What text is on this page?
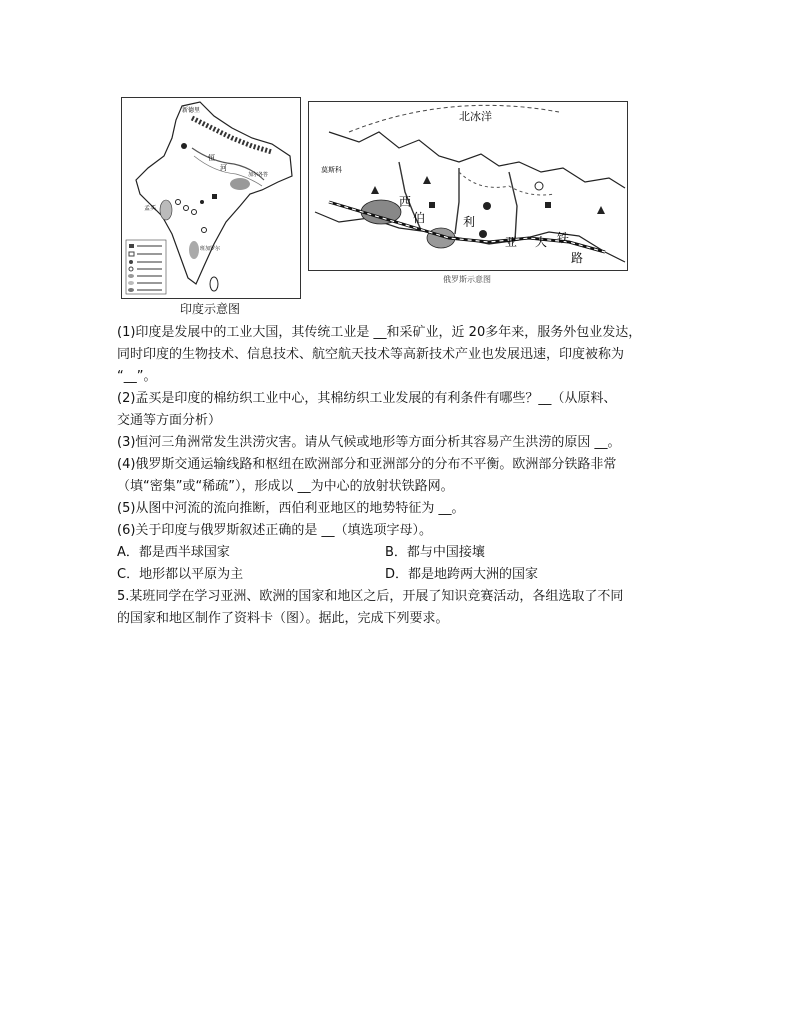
新德里
恒
河
加尔各答
孟买
班加罗尔
印度示意图
北冰洋
莫斯科
西
伯	利
亚 大 铁
路
俄罗斯示意图
(1)印度是发展中的工业大国，其传统工业是 __和采矿业，近 20多年来，服务外包业发达，
同时印度的生物技术、信息技术、航空航天技术等高新技术产业也发展迅速，印度被称为
“__”。
(2)孟买是印度的棉纺织工业中心，其棉纺织工业发展的有利条件有哪些？__（从原料、
交通等方面分析）
(3)恒河三角洲常发生洪涝灾害。请从气候或地形等方面分析其容易产生洪涝的原因 __。
(4)俄罗斯交通运输线路和枢纽在欧洲部分和亚洲部分的分布不平衡。欧洲部分铁路非常
（填“密集”或“稀疏”），形成以 __为中心的放射状铁路网。
(5)从图中河流的流向推断，西伯利亚地区的地势特征为 __。
(6)关于印度与俄罗斯叙述正确的是 __（填选项字母）。
A．都是西半球国家	B．都与中国接壤
C．地形都以平原为主	D．都是地跨两大洲的国家
5.某班同学在学习亚洲、欧洲的国家和地区之后，开展了知识竞赛活动，各组选取了不同
的国家和地区制作了资料卡（图）。据此，完成下列要求。
